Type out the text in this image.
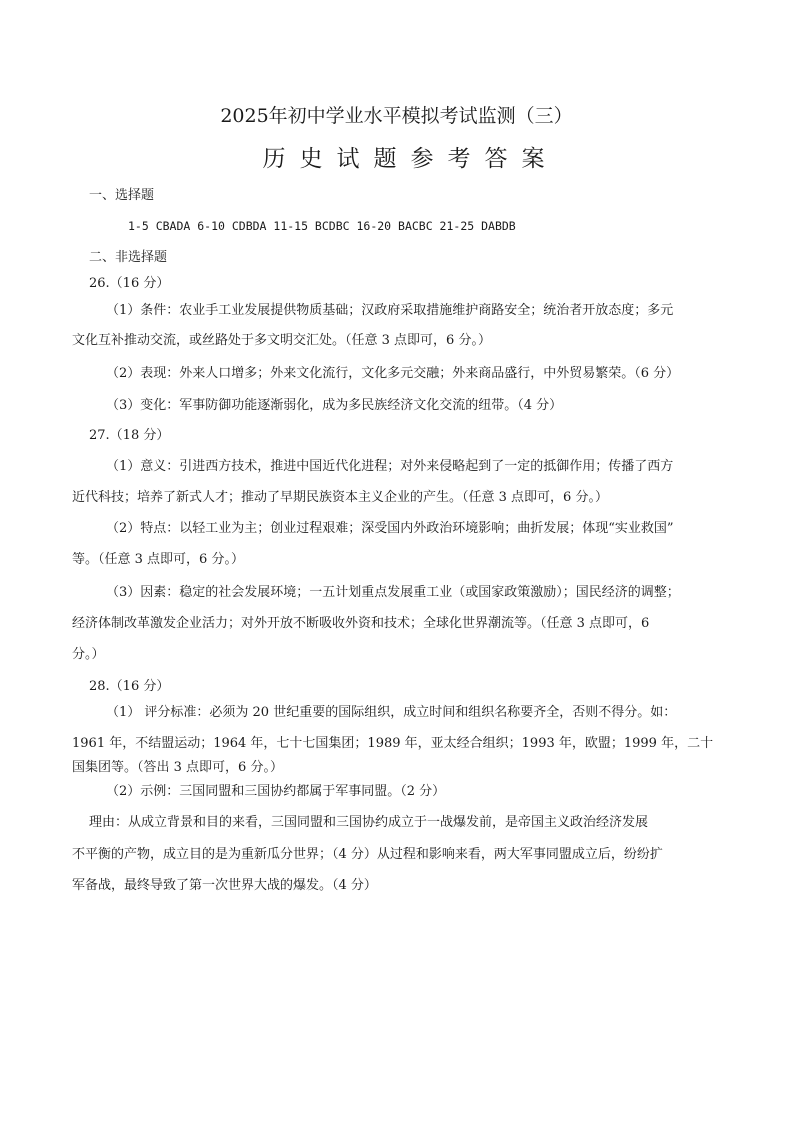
2025年初中学业水平模拟考试监测（三）
历史试题参考答案
一、选择题
1-5 CBADA 6-10 CDBDA 11-15 BCDBC 16-20 BACBC 21-25 DABDB
二、非选择题
26.（16 分）
（1）条件：农业手工业发展提供物质基础；汉政府采取措施维护商路安全；统治者开放态度；多元
文化互补推动交流，或丝路处于多文明交汇处。（任意 3 点即可，6 分。）
（2）表现：外来人口增多；外来文化流行，文化多元交融；外来商品盛行，中外贸易繁荣。（6 分）
（3）变化：军事防御功能逐渐弱化，成为多民族经济文化交流的纽带。（4 分）
27.（18 分）
（1）意义：引进西方技术，推进中国近代化进程；对外来侵略起到了一定的抵御作用；传播了西方
近代科技；培养了新式人才；推动了早期民族资本主义企业的产生。（任意 3 点即可，6 分。）
（2）特点：以轻工业为主；创业过程艰难；深受国内外政治环境影响；曲折发展；体现“实业救国”
等。（任意 3 点即可，6 分。）
（3）因素：稳定的社会发展环境；一五计划重点发展重工业（或国家政策激励）；国民经济的调整；
经济体制改革激发企业活力；对外开放不断吸收外资和技术；全球化世界潮流等。（任意 3 点即可，6
分。）
28.（16 分）
（1） 评分标准：必须为 20 世纪重要的国际组织，成立时间和组织名称要齐全，否则不得分。如：
1961 年，不结盟运动；1964 年，七十七国集团；1989 年，亚太经合组织；1993 年，欧盟；1999 年，二十
国集团等。（答出 3 点即可，6 分。）
（2）示例：三国同盟和三国协约都属于军事同盟。（2 分）
理由：从成立背景和目的来看，三国同盟和三国协约成立于一战爆发前，是帝国主义政治经济发展
不平衡的产物，成立目的是为重新瓜分世界；（4 分）从过程和影响来看，两大军事同盟成立后，纷纷扩
军备战，最终导致了第一次世界大战的爆发。（4 分）
